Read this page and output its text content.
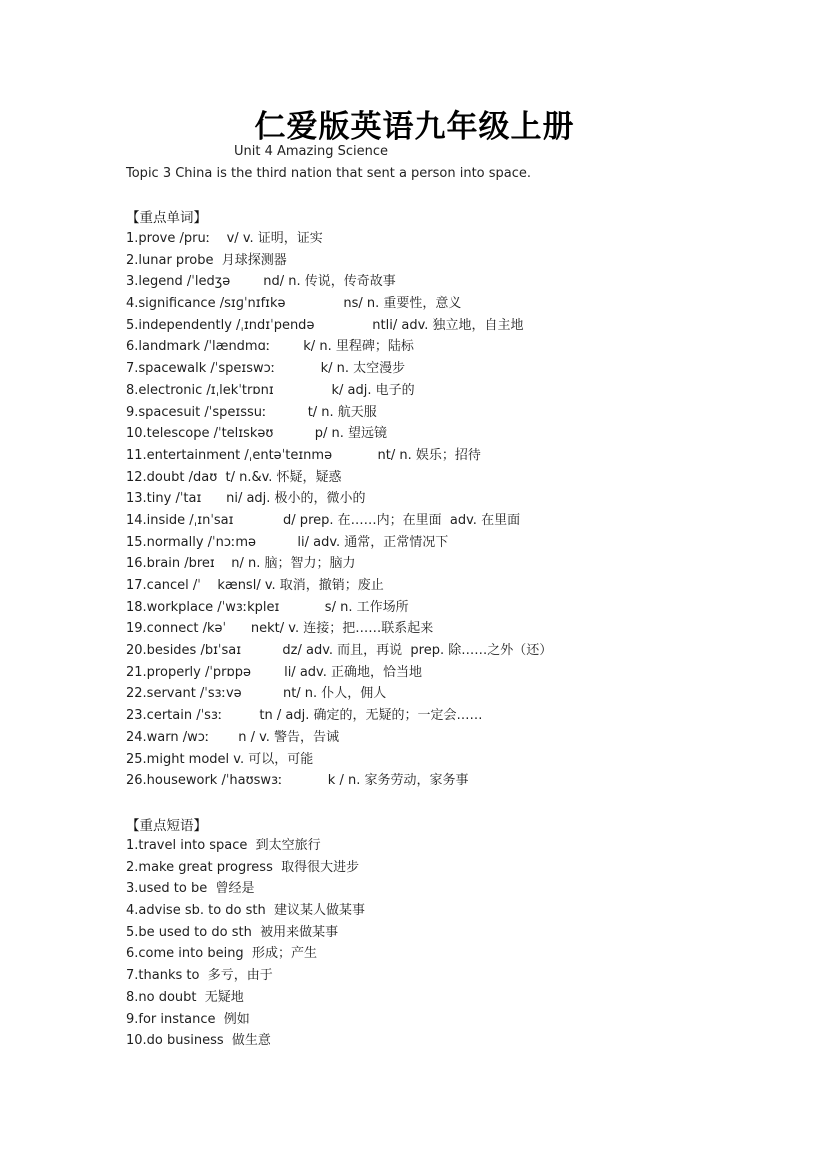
仁爱版英语九年级上册
Unit 4 Amazing Science
Topic 3 China is the third nation that sent a person into space.
【重点单词】
1.prove /pruː    v/ v. 证明，证实
2.lunar probe  月球探测器
3.legend /ˈledʒə        nd/ n. 传说，传奇故事
4.significance /sɪɡˈnɪfɪkə              ns/ n. 重要性，意义
5.independently /ˌɪndɪˈpendə              ntli/ adv. 独立地，自主地
6.landmark /ˈlændmɑː        k/ n. 里程碑；陆标
7.spacewalk /ˈspeɪswɔː           k/ n. 太空漫步
8.electronic /ɪˌlekˈtrɒnɪ              k/ adj. 电子的
9.spacesuit /ˈspeɪssuː          t/ n. 航天服
10.telescope /ˈtelɪskəʊ          p/ n. 望远镜
11.entertainment /ˌentəˈteɪnmə           nt/ n. 娱乐；招待
12.doubt /daʊ  t/ n.&v. 怀疑，疑惑
13.tiny /ˈtaɪ      ni/ adj. 极小的，微小的
14.inside /ˌɪnˈsaɪ            d/ prep. 在……内；在里面  adv. 在里面
15.normally /ˈnɔːmə          li/ adv. 通常，正常情况下
16.brain /breɪ    n/ n. 脑；智力；脑力
17.cancel /ˈ    kænsl/ v. 取消，撤销；废止
18.workplace /ˈwɜːkpleɪ           s/ n. 工作场所
19.connect /kəˈ      nekt/ v. 连接；把……联系起来
20.besides /bɪˈsaɪ          dz/ adv. 而且，再说  prep. 除……之外（还）
21.properly /ˈprɒpə        li/ adv. 正确地，恰当地
22.servant /ˈsɜːvə          nt/ n. 仆人，佣人
23.certain /ˈsɜː         tn / adj. 确定的，无疑的；一定会……
24.warn /wɔː       n / v. 警告，告诫
25.might model v. 可以，可能
26.housework /ˈhaʊswɜː           k / n. 家务劳动，家务事
【重点短语】
1.travel into space  到太空旅行
2.make great progress  取得很大进步
3.used to be  曾经是
4.advise sb. to do sth  建议某人做某事
5.be used to do sth  被用来做某事
6.come into being  形成；产生
7.thanks to  多亏，由于
8.no doubt  无疑地
9.for instance  例如
10.do business  做生意
